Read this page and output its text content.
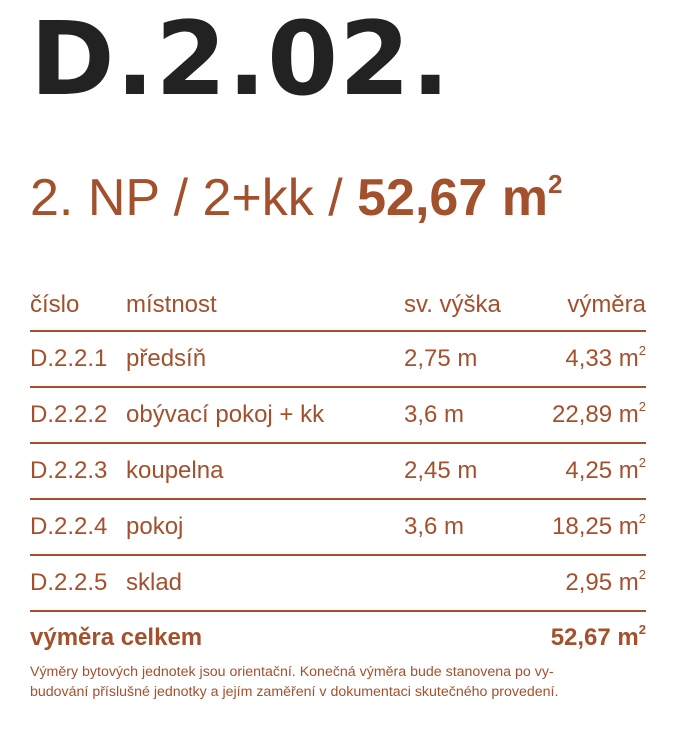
D.2.02.
2. NP / 2+kk / 52,67 $m^2$
číslo	místnost	sv. výška	výměra
D.2.2.1	předsíň	2,75 m	4,33 $m^2$
D.2.2.2	obývací pokoj + kk	3,6 m	22,89 $m^2$
D.2.2.3	koupelna	2,45 m	4,25 $m^2$
D.2.2.4	pokoj	3,6 m	18,25 $m^2$
D.2.2.5	sklad		2,95 $m^2$
výměra celkem			52,67 $m^2$
Výměry bytových jednotek jsou orientační. Konečná výměra bude stanovena po vy-
budování příslušné jednotky a jejím zaměření v dokumentaci skutečného provedení.
